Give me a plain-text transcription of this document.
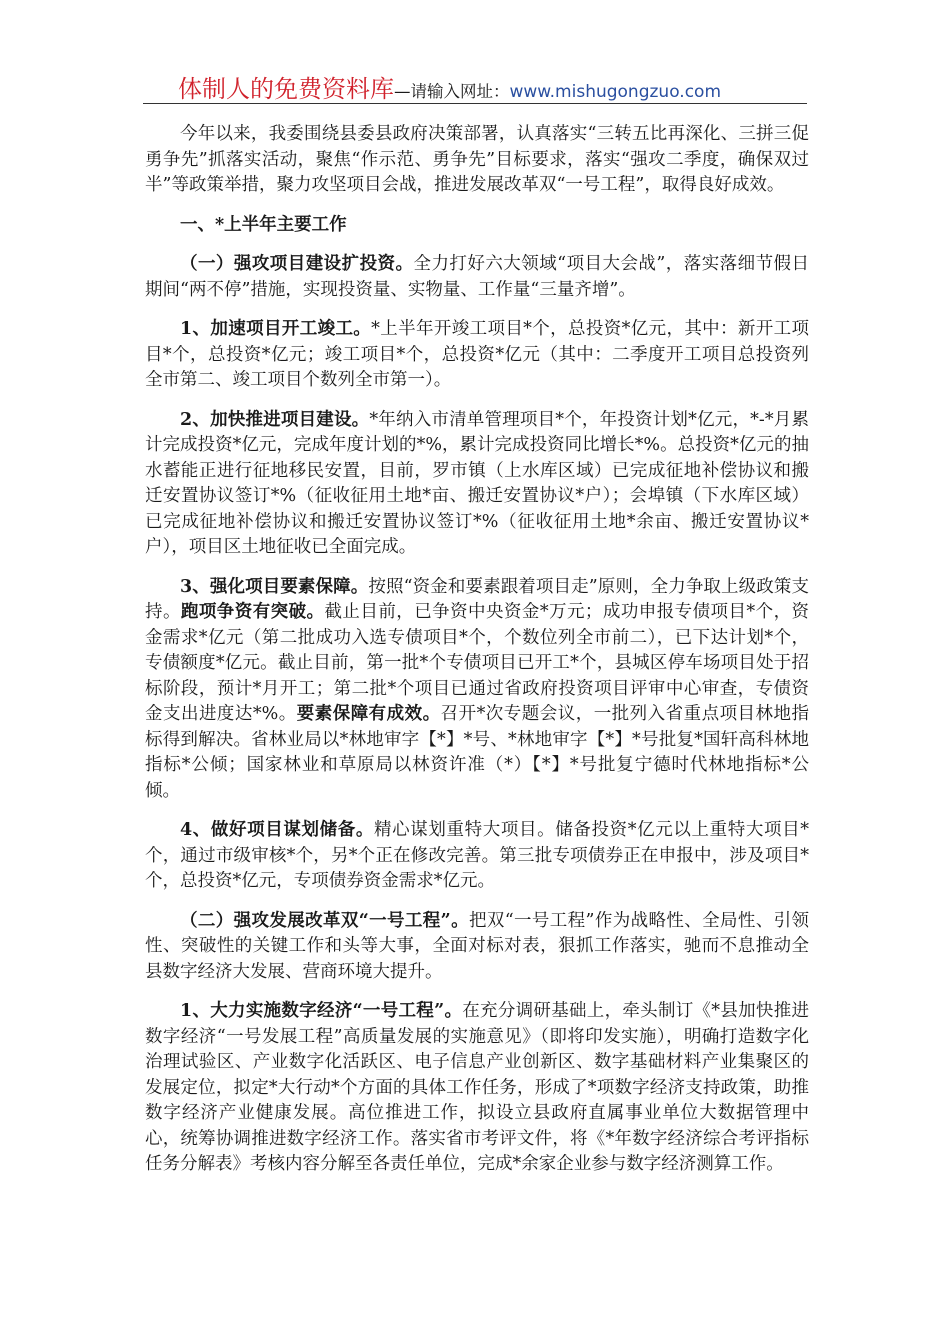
体制人的免费资料库—请输入网址：www.mishugongzuo.com

今年以来，我委围绕县委县政府决策部署，认真落实“三转五比再深化、三拼三促勇争先”抓落实活动，聚焦“作示范、勇争先”目标要求，落实“强攻二季度，确保双过半”等政策举措，聚力攻坚项目会战，推进发展改革双“一号工程”，取得良好成效。

一、*上半年主要工作

（一）强攻项目建设扩投资。全力打好六大领域“项目大会战”，落实落细节假日期间“两不停”措施，实现投资量、实物量、工作量“三量齐增”。

1、加速项目开工竣工。*上半年开竣工项目*个，总投资*亿元，其中：新开工项目*个，总投资*亿元；竣工项目*个，总投资*亿元（其中：二季度开工项目总投资列全市第二、竣工项目个数列全市第一）。

2、加快推进项目建设。*年纳入市清单管理项目*个，年投资计划*亿元，*-*月累计完成投资*亿元，完成年度计划的*%，累计完成投资同比增长*%。总投资*亿元的抽水蓄能正进行征地移民安置，目前，罗市镇（上水库区域）已完成征地补偿协议和搬迁安置协议签订*%（征收征用土地*亩、搬迁安置协议*户）；会埠镇（下水库区域）已完成征地补偿协议和搬迁安置协议签订*%（征收征用土地*余亩、搬迁安置协议*户），项目区土地征收已全面完成。

3、强化项目要素保障。按照“资金和要素跟着项目走”原则，全力争取上级政策支持。跑项争资有突破。截止目前，已争资中央资金*万元；成功申报专债项目*个，资金需求*亿元（第二批成功入选专债项目*个，个数位列全市前二），已下达计划*个，专债额度*亿元。截止目前，第一批*个专债项目已开工*个，县城区停车场项目处于招标阶段，预计*月开工；第二批*个项目已通过省政府投资项目评审中心审查，专债资金支出进度达*%。要素保障有成效。召开*次专题会议，一批列入省重点项目林地指标得到解决。省林业局以*林地审字【*】*号、*林地审字【*】*号批复*国轩高科林地指标*公倾；国家林业和草原局以林资许准（*）【*】*号批复宁德时代林地指标*公倾。

4、做好项目谋划储备。精心谋划重特大项目。储备投资*亿元以上重特大项目*个，通过市级审核*个，另*个正在修改完善。第三批专项债券正在申报中，涉及项目*个，总投资*亿元，专项债券资金需求*亿元。

（二）强攻发展改革双“一号工程”。把双“一号工程”作为战略性、全局性、引领性、突破性的关键工作和头等大事，全面对标对表，狠抓工作落实，驰而不息推动全县数字经济大发展、营商环境大提升。

1、大力实施数字经济“一号工程”。在充分调研基础上，牵头制订《*县加快推进数字经济“一号发展工程”高质量发展的实施意见》（即将印发实施），明确打造数字化治理试验区、产业数字化活跃区、电子信息产业创新区、数字基础材料产业集聚区的发展定位，拟定*大行动*个方面的具体工作任务，形成了*项数字经济支持政策，助推数字经济产业健康发展。高位推进工作，拟设立县政府直属事业单位大数据管理中心，统筹协调推进数字经济工作。落实省市考评文件，将《*年数字经济综合考评指标任务分解表》考核内容分解至各责任单位，完成*余家企业参与数字经济测算工作。
